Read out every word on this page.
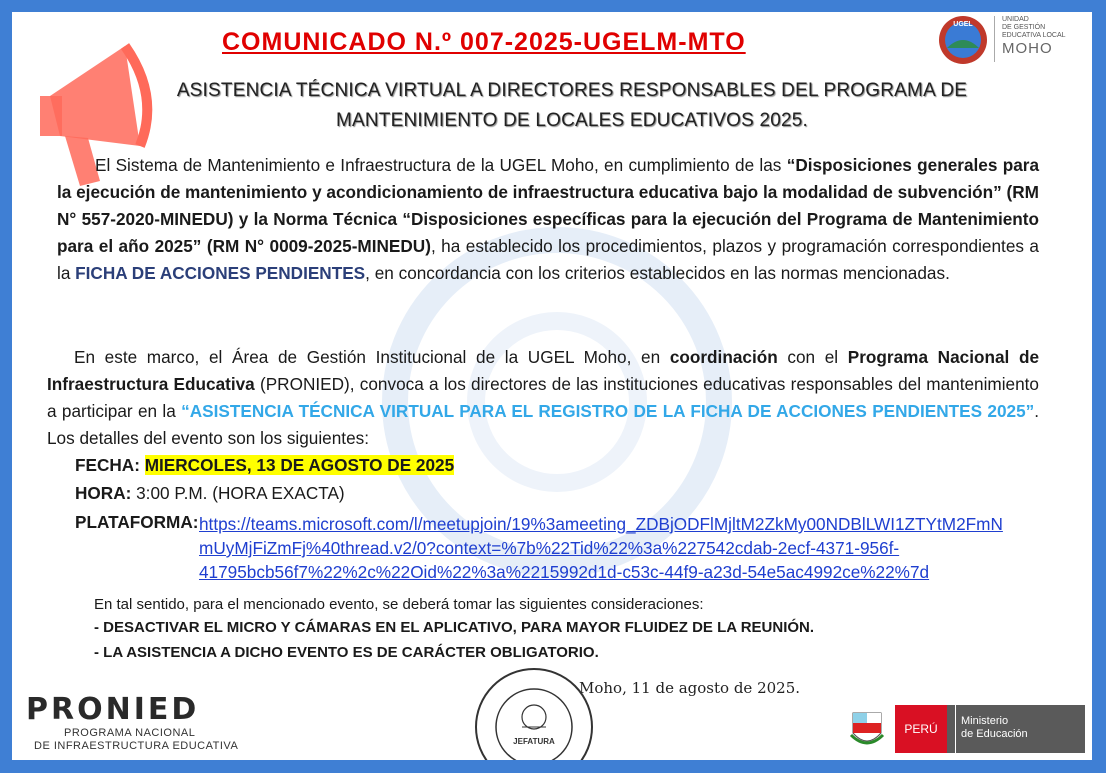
COMUNICADO N.º 007-2025-UGELM-MTO
ASISTENCIA TÉCNICA VIRTUAL A DIRECTORES RESPONSABLES DEL PROGRAMA DE
MANTENIMIENTO DE LOCALES EDUCATIVOS 2025.
El Sistema de Mantenimiento e Infraestructura de la UGEL Moho, en cumplimiento de las “Disposiciones generales para la ejecución de mantenimiento y acondicionamiento de infraestructura educativa bajo la modalidad de subvención” (RM N° 557-2020-MINEDU) y la Norma Técnica “Disposiciones específicas para la ejecución del Programa de Mantenimiento para el año 2025” (RM N° 0009-2025-MINEDU), ha establecido los procedimientos, plazos y programación correspondientes a la FICHA DE ACCIONES PENDIENTES, en concordancia con los criterios establecidos en las normas mencionadas.
En este marco, el Área de Gestión Institucional de la UGEL Moho, en coordinación con el Programa Nacional de Infraestructura Educativa (PRONIED), convoca a los directores de las instituciones educativas responsables del mantenimiento a participar en la “ASISTENCIA TÉCNICA VIRTUAL PARA EL REGISTRO DE LA FICHA DE ACCIONES PENDIENTES 2025”. Los detalles del evento son los siguientes:
FECHA: MIERCOLES, 13 DE AGOSTO DE 2025
HORA: 3:00 P.M. (HORA EXACTA)
PLATAFORMA: https://teams.microsoft.com/l/meetupjoin/19%3ameeting_ZDBjODFlMjltM2ZkMy00NDBlLWI1ZTYtM2FmN
mUyMjFiZmFj%40thread.v2/0?context=%7b%22Tid%22%3a%227542cdab-2ecf-4371-956f-
41795bcb56f7%22%2c%22Oid%22%3a%2215992d1d-c53c-44f9-a23d-54e5ac4992ce%22%7d
En tal sentido, para el mencionado evento, se deberá tomar las siguientes consideraciones:
- DESACTIVAR EL MICRO Y CÁMARAS EN EL APLICATIVO, PARA MAYOR FLUIDEZ DE LA REUNIÓN.
- LA ASISTENCIA A DICHO EVENTO ES DE CARÁCTER OBLIGATORIO.
Moho, 11 de agosto de 2025.
PRONIED
PROGRAMA NACIONAL
DE INFRAESTRUCTURA EDUCATIVA	JEFATURA
PERÚ
Ministerio
de Educación
UGEL
UNIDAD
DE GESTIÓN
EDUCATIVA LOCAL
MOHO
